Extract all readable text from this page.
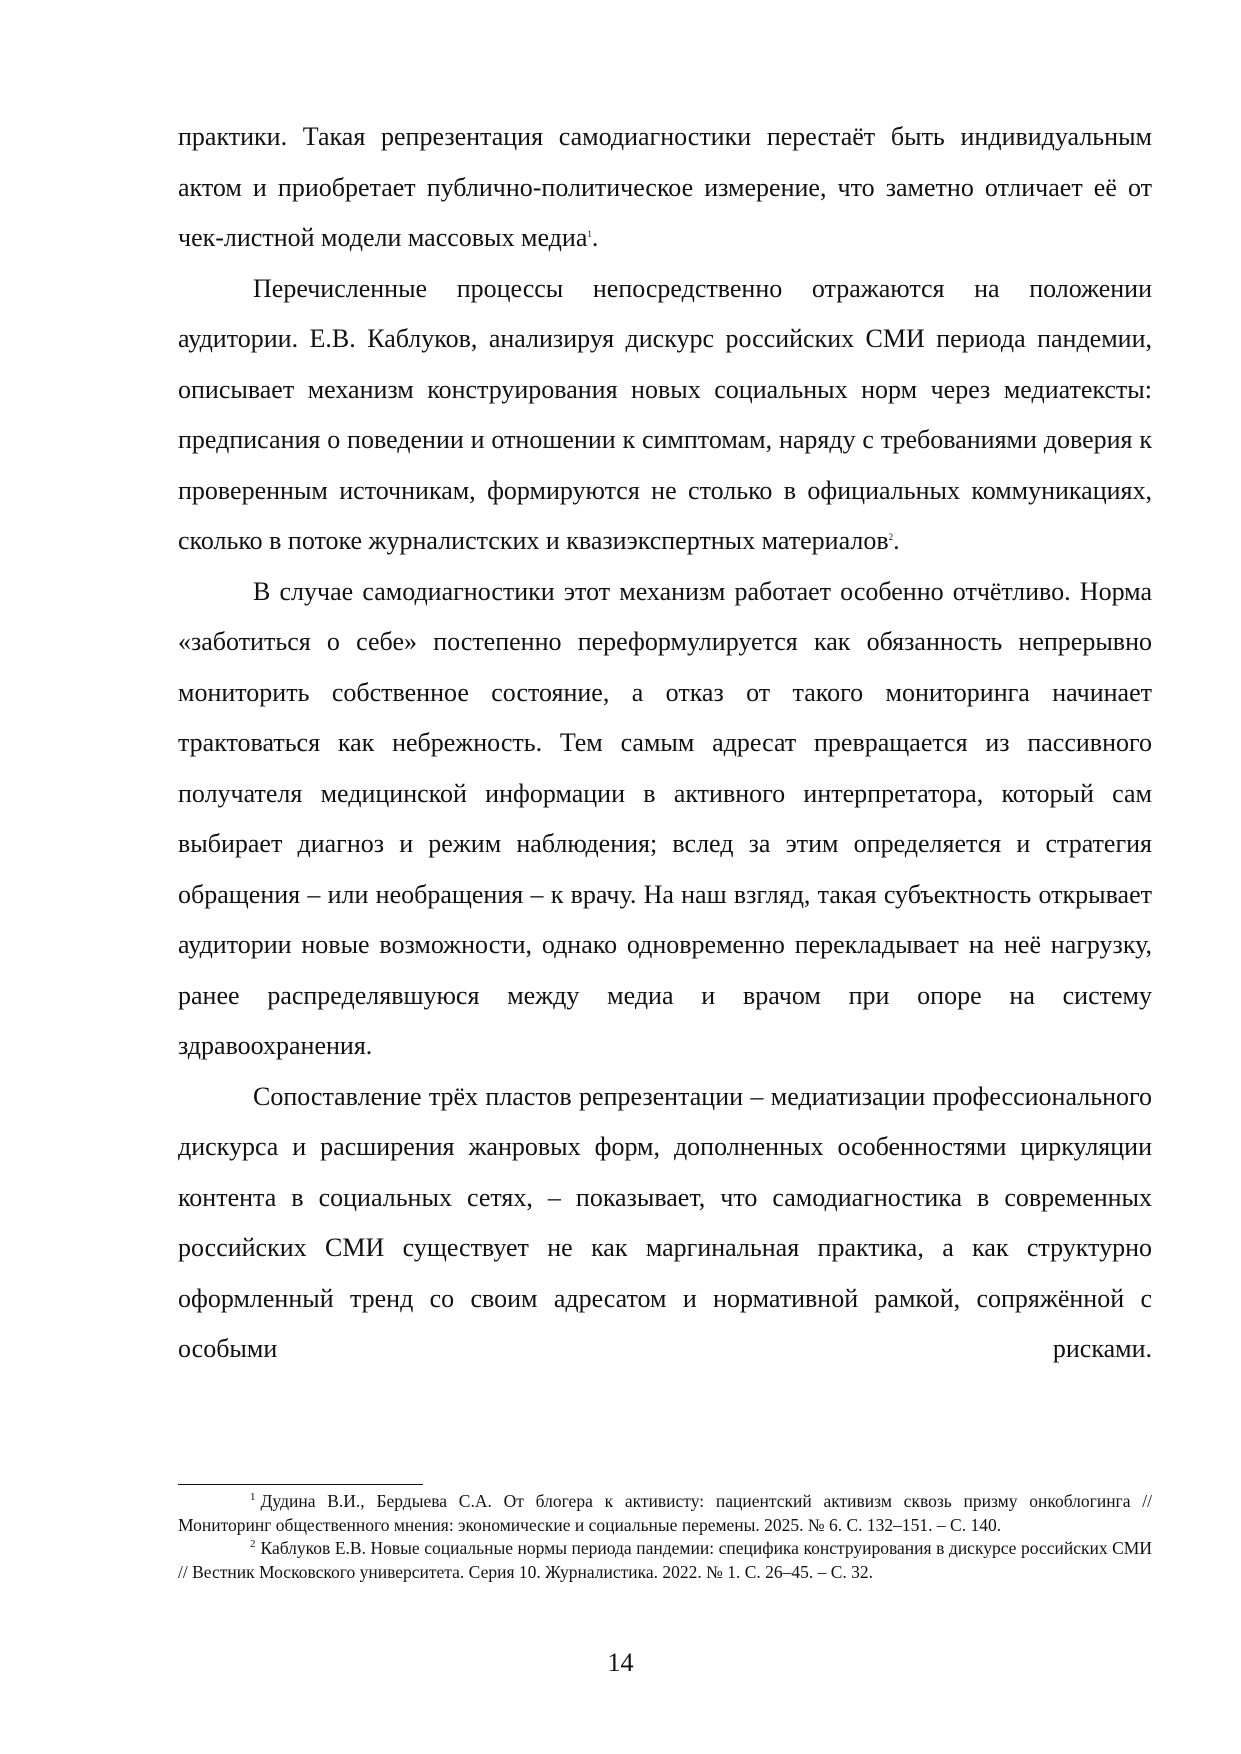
практики. Такая репрезентация самодиагностики перестаёт быть индивидуальным актом и приобретает публично-политическое измерение, что заметно отличает её от чек-листной модели массовых медиа$^1$.

Перечисленные процессы непосредственно отражаются на положении аудитории. Е.В. Каблуков, анализируя дискурс российских СМИ периода пандемии, описывает механизм конструирования новых социальных норм через медиатексты: предписания о поведении и отношении к симптомам, наряду с требованиями доверия к проверенным источникам, формируются не столько в официальных коммуникациях, сколько в потоке журналистских и квазиэкспертных материалов$^2$.

В случае самодиагностики этот механизм работает особенно отчётливо. Норма «заботиться о себе» постепенно переформулируется как обязанность непрерывно мониторить собственное состояние, а отказ от такого мониторинга начинает трактоваться как небрежность. Тем самым адресат превращается из пассивного получателя медицинской информации в активного интерпретатора, который сам выбирает диагноз и режим наблюдения; вслед за этим определяется и стратегия обращения – или необращения – к врачу. На наш взгляд, такая субъектность открывает аудитории новые возможности, однако одновременно перекладывает на неё нагрузку, ранее распределявшуюся между медиа и врачом при опоре на систему здравоохранения.

Сопоставление трёх пластов репрезентации – медиатизации профессионального дискурса и расширения жанровых форм, дополненных особенностями циркуляции контента в социальных сетях, – показывает, что самодиагностика в современных российских СМИ существует не как маргинальная практика, а как структурно оформленный тренд со своим адресатом и нормативной рамкой, сопряжённой с особыми рисками.

$^1$ Дудина В.И., Бердыева С.А. От блогера к активисту: пациентский активизм сквозь призму онкоблогинга // Мониторинг общественного мнения: экономические и социальные перемены. 2025. № 6. С. 132–151. – С. 140.

$^2$ Каблуков Е.В. Новые социальные нормы периода пандемии: специфика конструирования в дискурсе российских СМИ // Вестник Московского университета. Серия 10. Журналистика. 2022. № 1. С. 26–45. – С. 32.

14
